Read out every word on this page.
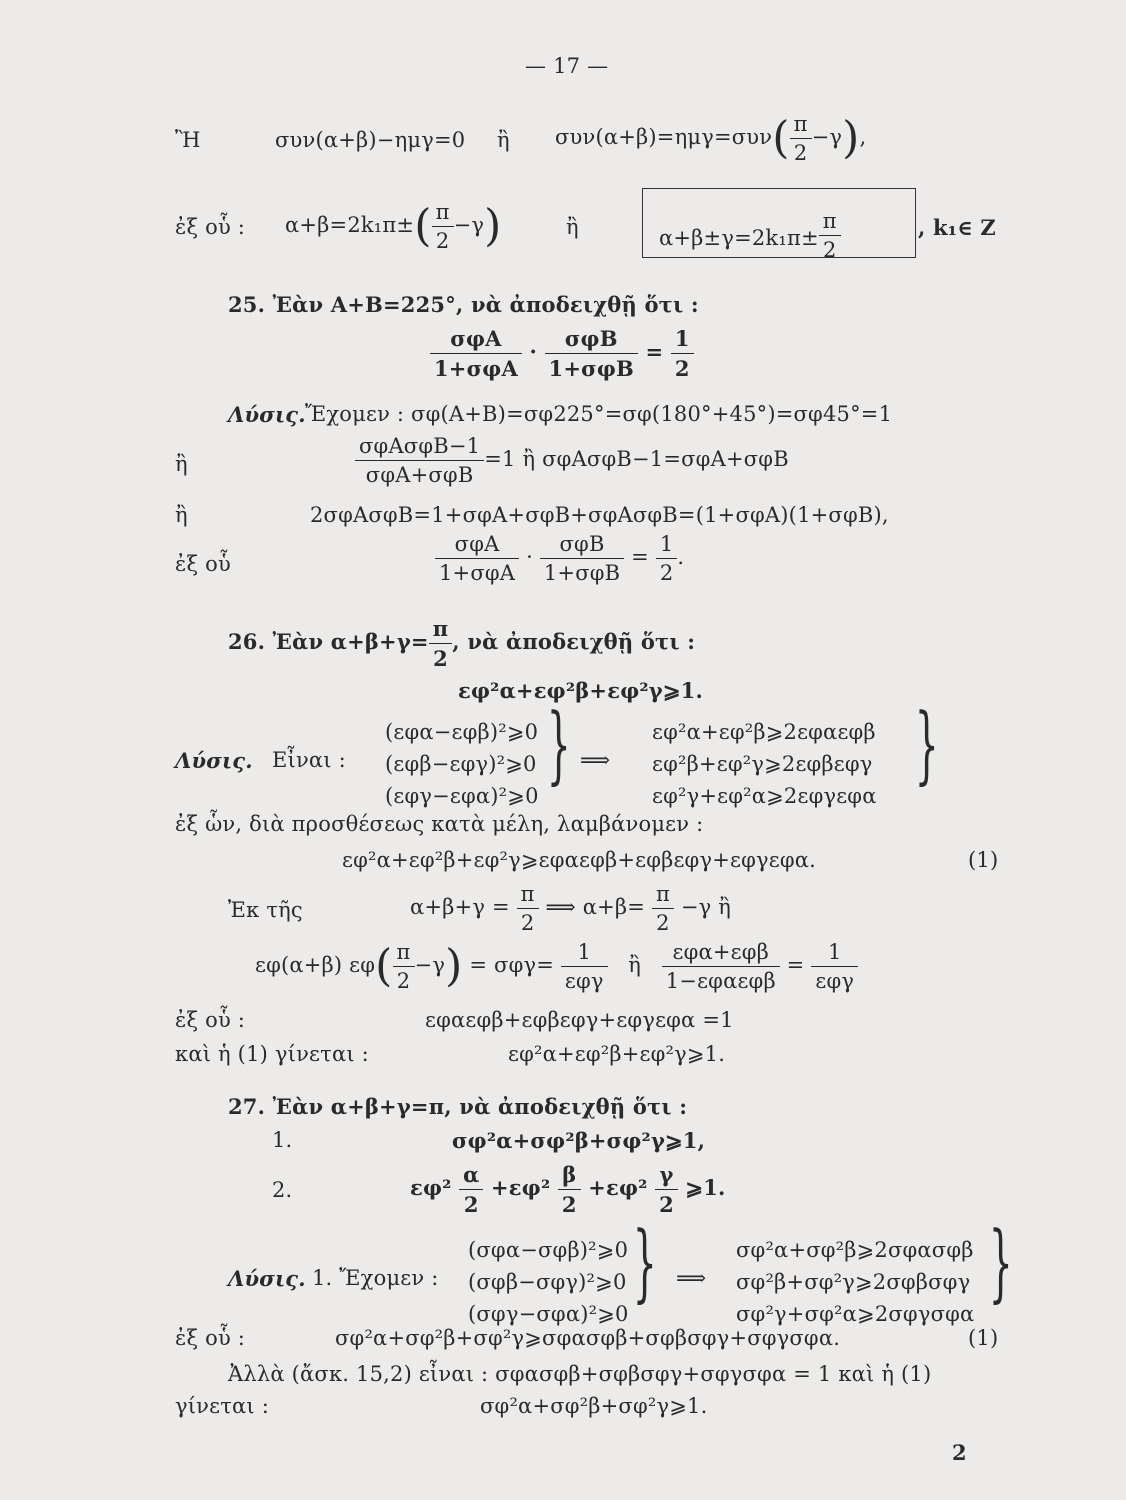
— 17 —
Ἢ	συν(α+β)−ημγ=0 ἢ $\sigma\upsilon\nu(\alpha+\beta)=\eta\mu\gamma=\sigma\upsilon\nu( \frac{\pi}{2} -\gamma)$,
ἐξ οὗ : $\alpha+\beta=2k_1\pi\pm( \frac{\pi}{2} -\gamma)$	ἢ	$\alpha+\beta\pm\gamma=2k_1\pi\pm \frac{\pi}{2}$	, k₁∈ Z
25. Ἐὰν Α+Β=225°, νὰ ἀποδειχθῇ ὅτι :
$\frac{\text{σφΑ}}{\text{1+σφΑ}} \cdot \frac{\text{σφΒ}}{\text{1+σφΒ}} = \frac{1}{2}$
Λύσις. Ἔχομεν : σφ(Α+Β)=σφ225°=σφ(180°+45°)=σφ45°=1
ἢ	$\frac{\text{σφΑσφΒ−1}}{\text{σφΑ+σφΒ}} =1$ ἢ σφΑσφΒ−1=σφΑ+σφΒ
ἢ	2σφΑσφΒ=1+σφΑ+σφΒ+σφΑσφΒ=(1+σφΑ)(1+σφΒ),
ἐξ οὗ	$\frac{\text{σφΑ}}{\text{1+σφΑ}} \cdot \frac{\text{σφΒ}}{\text{1+σφΒ}} = \frac{1}{2}$ .
26. Ἐὰν $\alpha+\beta+\gamma= \frac{\pi}{2}$ , νὰ ἀποδειχθῇ ὅτι :
εφ²α+εφ²β+εφ²γ⩾1.
Λύσις. Εἶναι :
(εφα−εφβ)²⩾0
(εφβ−εφγ)²⩾0
(εφγ−εφα)²⩾0
} ⟹
εφ²α+εφ²β⩾2εφαεφβ
εφ²β+εφ²γ⩾2εφβεφγ
εφ²γ+εφ²α⩾2εφγεφα
}
ἐξ ὧν, διὰ προσθέσεως κατὰ μέλη, λαμβάνομεν :
εφ²α+εφ²β+εφ²γ⩾εφαεφβ+εφβεφγ+εφγεφα.	(1)
Ἐκ τῆς	$\alpha+\beta+\gamma = \frac{\pi}{2}$ ⟹ $\alpha+\beta= \frac{\pi}{2} -\gamma$ ἢ
εφ(α+β) $\varepsilon\varphi( \frac{\pi}{2} -\gamma) = \sigma\varphi\gamma= \frac{1}{\text{εφγ}}$ ἢ $\frac{\text{εφα+εφβ}}{\text{1−εφαεφβ}} = \frac{1}{\text{εφγ}}$
ἐξ οὗ :	εφαεφβ+εφβεφγ+εφγεφα =1
καὶ ἡ (1) γίνεται :	εφ²α+εφ²β+εφ²γ⩾1.
27. Ἐὰν α+β+γ=π, νὰ ἀποδειχθῇ ὅτι :
1.	σφ²α+σφ²β+σφ²γ⩾1,
2.	$\varepsilon\varphi^2 \frac{\alpha}{2} +\varepsilon\varphi^2 \frac{\beta}{2} +\varepsilon\varphi^2 \frac{\gamma}{2}$ ⩾1.
Λύσις. 1. Ἔχομεν :
(σφα−σφβ)²⩾0
(σφβ−σφγ)²⩾0
(σφγ−σφα)²⩾0
} ⟹
σφ²α+σφ²β⩾2σφασφβ
σφ²β+σφ²γ⩾2σφβσφγ
σφ²γ+σφ²α⩾2σφγσφα
}
ἐξ οὗ :	σφ²α+σφ²β+σφ²γ⩾σφασφβ+σφβσφγ+σφγσφα.	(1)
Ἀλλὰ (ἄσκ. 15,2) εἶναι : σφασφβ+σφβσφγ+σφγσφα = 1 καὶ ἡ (1)
γίνεται :	σφ²α+σφ²β+σφ²γ⩾1.
2
